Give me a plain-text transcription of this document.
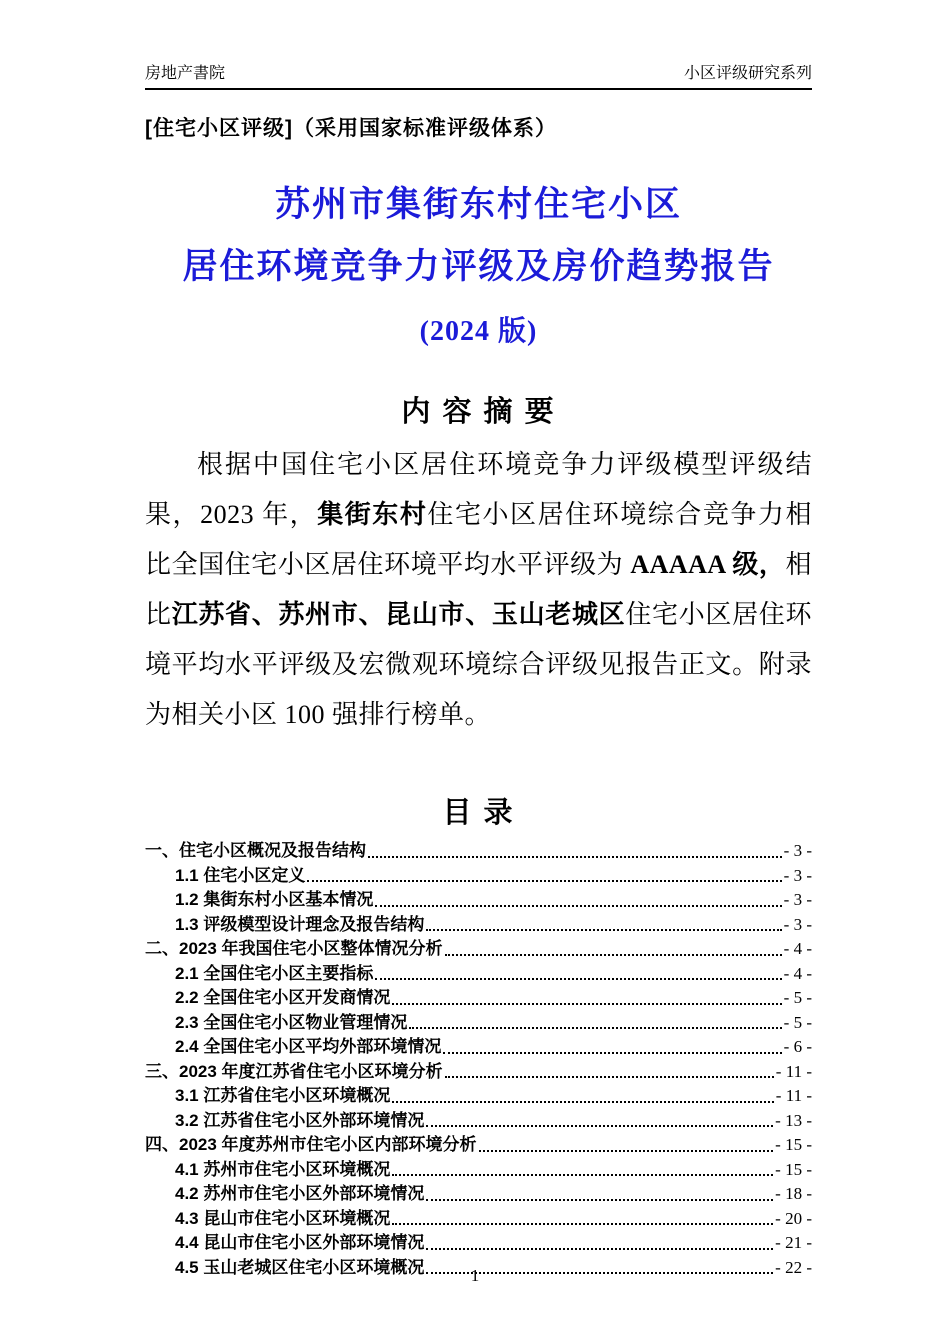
房地产書院	小区评级研究系列
[住宅小区评级]（采用国家标准评级体系）
苏州市集街东村住宅小区
居住环境竞争力评级及房价趋势报告
(2024 版)
内 容 摘 要

根据中国住宅小区居住环境竞争力评级模型评级结果，2023 年，集街东村住宅小区居住环境综合竞争力相比全国住宅小区居住环境平均水平评级为 AAAAA 级，相比江苏省、苏州市、昆山市、玉山老城区住宅小区居住环境平均水平评级及宏微观环境综合评级见报告正文。附录为相关小区 100 强排行榜单。

目 录
一、住宅小区概况及报告结构	- 3 -
1.1 住宅小区定义	- 3 -
1.2 集街东村小区基本情况	- 3 -
1.3 评级模型设计理念及报告结构	- 3 -
二、2023 年我国住宅小区整体情况分析	- 4 -
2.1 全国住宅小区主要指标	- 4 -
2.2 全国住宅小区开发商情况	- 5 -
2.3 全国住宅小区物业管理情况	- 5 -
2.4 全国住宅小区平均外部环境情况	- 6 -
三、2023 年度江苏省住宅小区环境分析	- 11 -
3.1 江苏省住宅小区环境概况	- 11 -
3.2 江苏省住宅小区外部环境情况	- 13 -
四、2023 年度苏州市住宅小区内部环境分析	- 15 -
4.1 苏州市住宅小区环境概况	- 15 -
4.2 苏州市住宅小区外部环境情况	- 18 -
4.3 昆山市住宅小区环境概况	- 20 -
4.4 昆山市住宅小区外部环境情况	- 21 -
4.5 玉山老城区住宅小区环境概况	- 22 -
1
